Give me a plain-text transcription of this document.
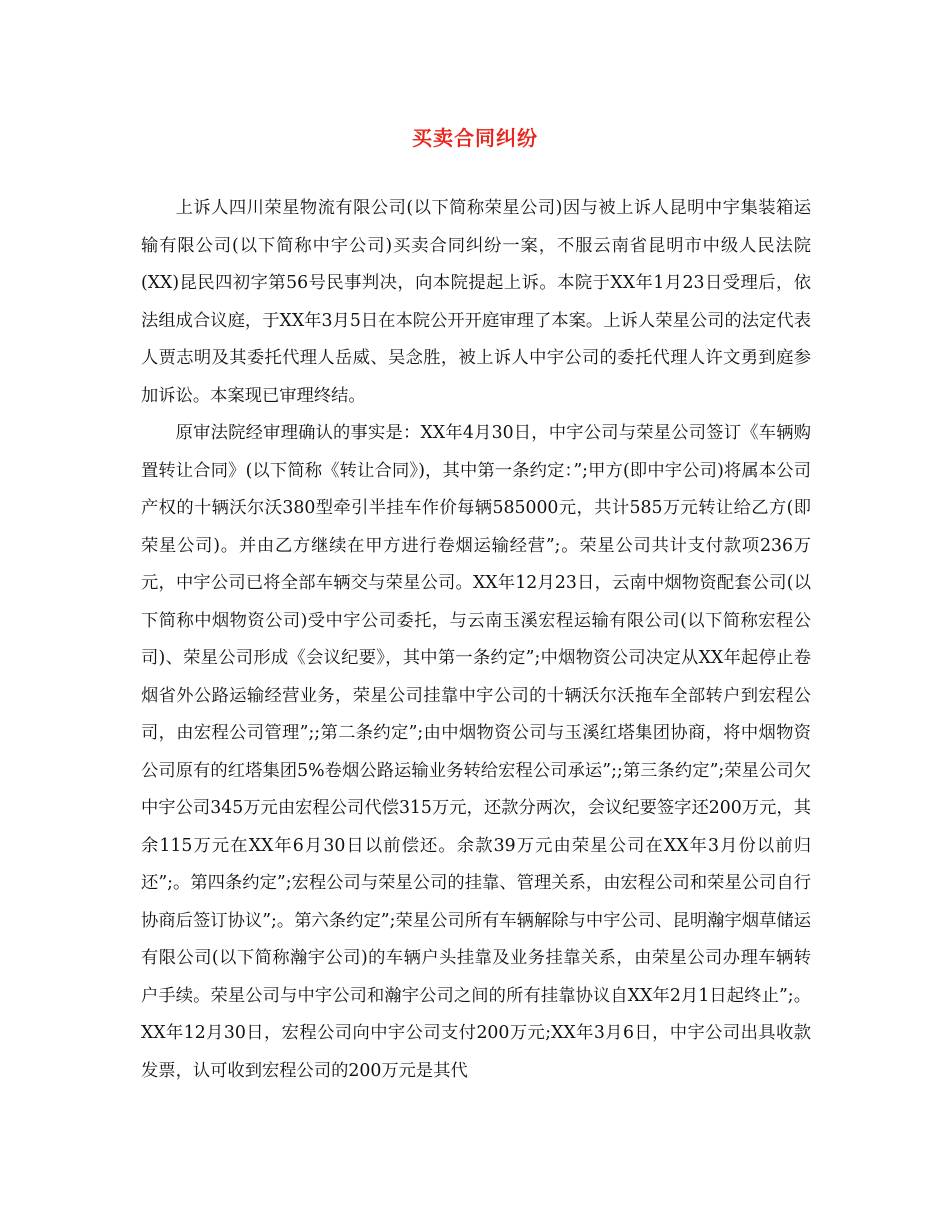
买卖合同纠纷

上诉人四川荣星物流有限公司(以下简称荣星公司)因与被上诉人昆明中宇集装箱运输有限公司(以下简称中宇公司)买卖合同纠纷一案，不服云南省昆明市中级人民法院(XX)昆民四初字第56号民事判决，向本院提起上诉。本院于XX年1月23日受理后，依法组成合议庭，于XX年3月5日在本院公开开庭审理了本案。上诉人荣星公司的法定代表人贾志明及其委托代理人岳威、吴念胜，被上诉人中宇公司的委托代理人许文勇到庭参加诉讼。本案现已审理终结。

原审法院经审理确认的事实是：XX年4月30日，中宇公司与荣星公司签订《车辆购置转让合同》(以下简称《转让合同》)，其中第一条约定：”;甲方(即中宇公司)将属本公司产权的十辆沃尔沃380型牵引半挂车作价每辆585000元，共计585万元转让给乙方(即荣星公司)。并由乙方继续在甲方进行卷烟运输经营”;。荣星公司共计支付款项236万元，中宇公司已将全部车辆交与荣星公司。XX年12月23日，云南中烟物资配套公司(以下简称中烟物资公司)受中宇公司委托，与云南玉溪宏程运输有限公司(以下简称宏程公司)、荣星公司形成《会议纪要》，其中第一条约定”;中烟物资公司决定从XX年起停止卷烟省外公路运输经营业务，荣星公司挂靠中宇公司的十辆沃尔沃拖车全部转户到宏程公司，由宏程公司管理”;;第二条约定”;由中烟物资公司与玉溪红塔集团协商，将中烟物资公司原有的红塔集团5%卷烟公路运输业务转给宏程公司承运”;;第三条约定”;荣星公司欠中宇公司345万元由宏程公司代偿315万元，还款分两次，会议纪要签字还200万元，其余115万元在XX年6月30日以前偿还。余款39万元由荣星公司在XX年3月份以前归还”;。第四条约定”;宏程公司与荣星公司的挂靠、管理关系，由宏程公司和荣星公司自行协商后签订协议”;。第六条约定”;荣星公司所有车辆解除与中宇公司、昆明瀚宇烟草储运有限公司(以下简称瀚宇公司)的车辆户头挂靠及业务挂靠关系，由荣星公司办理车辆转户手续。荣星公司与中宇公司和瀚宇公司之间的所有挂靠协议自XX年2月1日起终止”;。XX年12月30日，宏程公司向中宇公司支付200万元;XX年3月6日，中宇公司出具收款发票，认可收到宏程公司的200万元是其代
